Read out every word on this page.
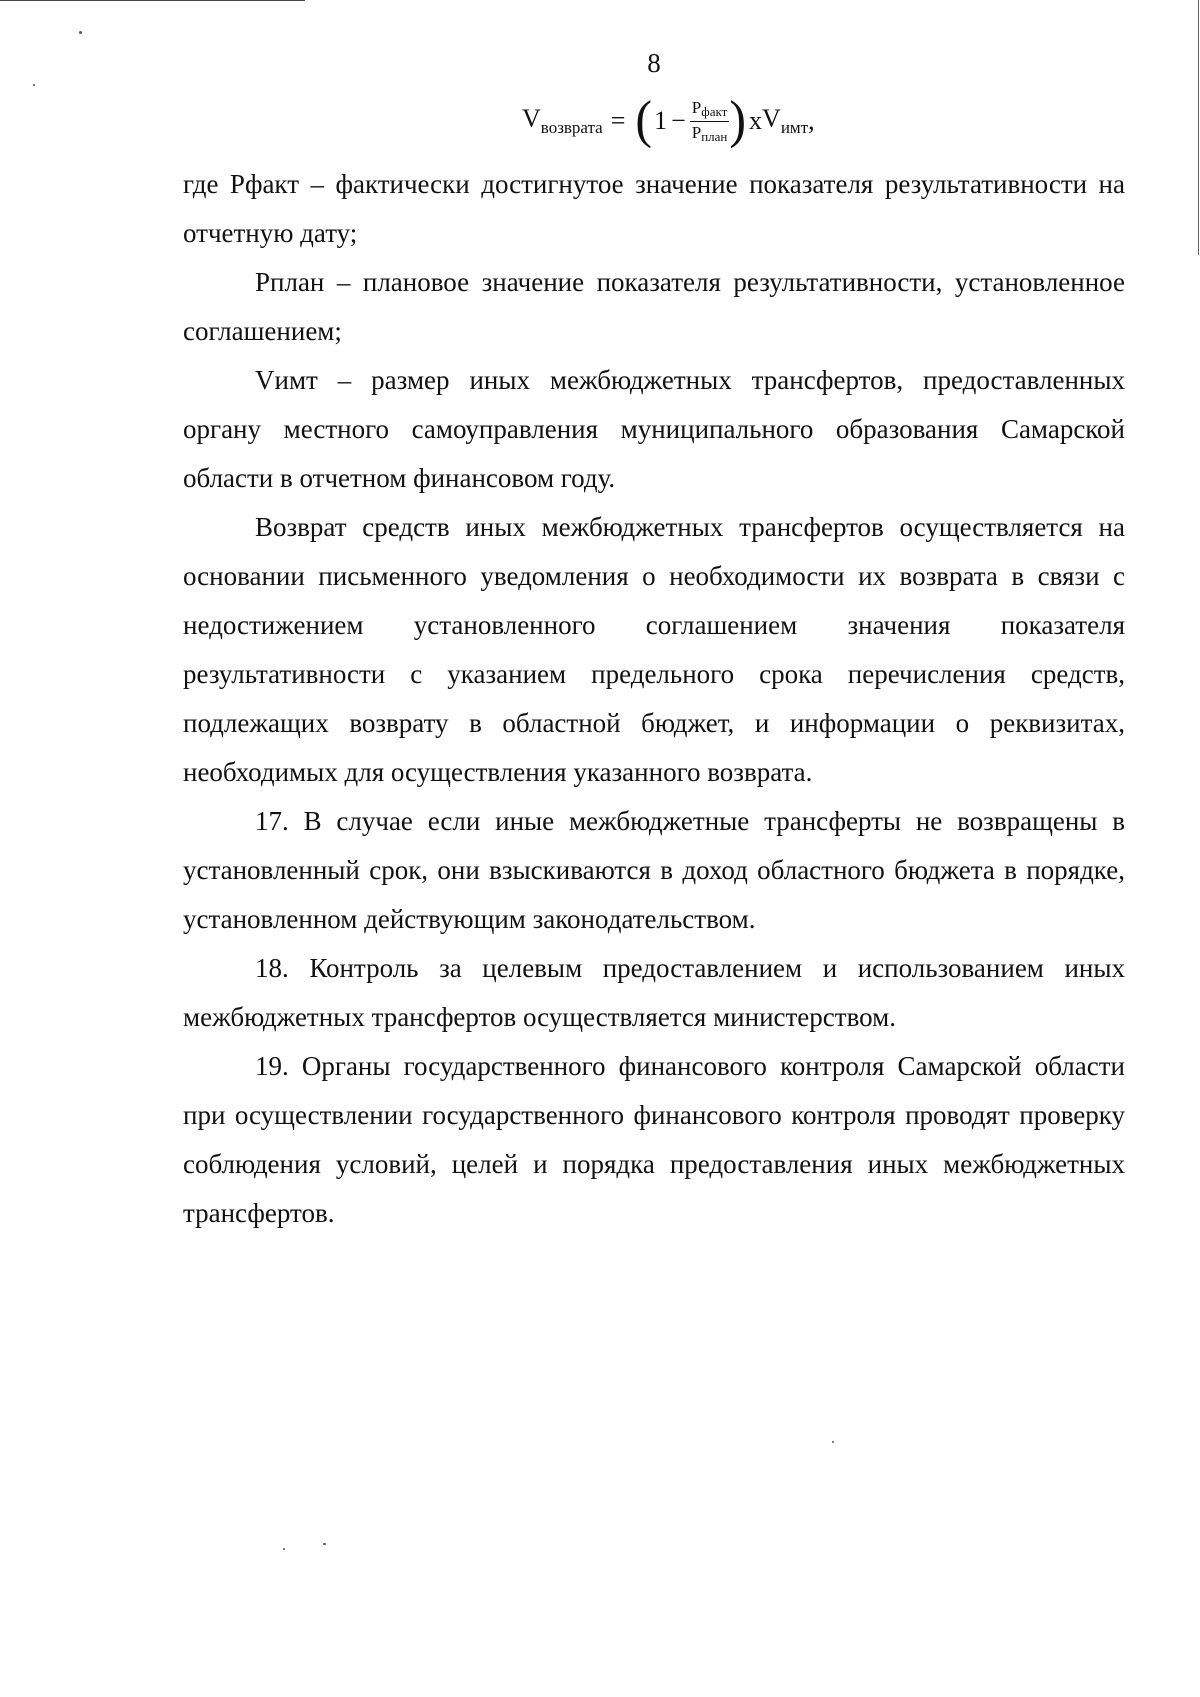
8
$V_{возврата}$ = ( $1 - \frac{P_{факт}}{P_{план}}$ ) x $V_{имт}$ ,

где Рфакт – фактически достигнутое значение показателя результативности на отчетную дату;

Рплан – плановое значение показателя результативности, установленное соглашением;

Vимт – размер иных межбюджетных трансфертов, предоставленных органу местного самоуправления муниципального образования Самарской области в отчетном финансовом году.

Возврат средств иных межбюджетных трансфертов осуществляется на основании письменного уведомления о необходимости их возврата в связи с недостижением установленного соглашением значения показателя результативности с указанием предельного срока перечисления средств, подлежащих возврату в областной бюджет, и информации о реквизитах, необходимых для осуществления указанного возврата.

17. В случае если иные межбюджетные трансферты не возвращены в установленный срок, они взыскиваются в доход областного бюджета в порядке, установленном действующим законодательством.

18. Контроль за целевым предоставлением и использованием иных межбюджетных трансфертов осуществляется министерством.

19. Органы государственного финансового контроля Самарской области при осуществлении государственного финансового контроля проводят проверку соблюдения условий, целей и порядка предоставления иных межбюджетных трансфертов.
